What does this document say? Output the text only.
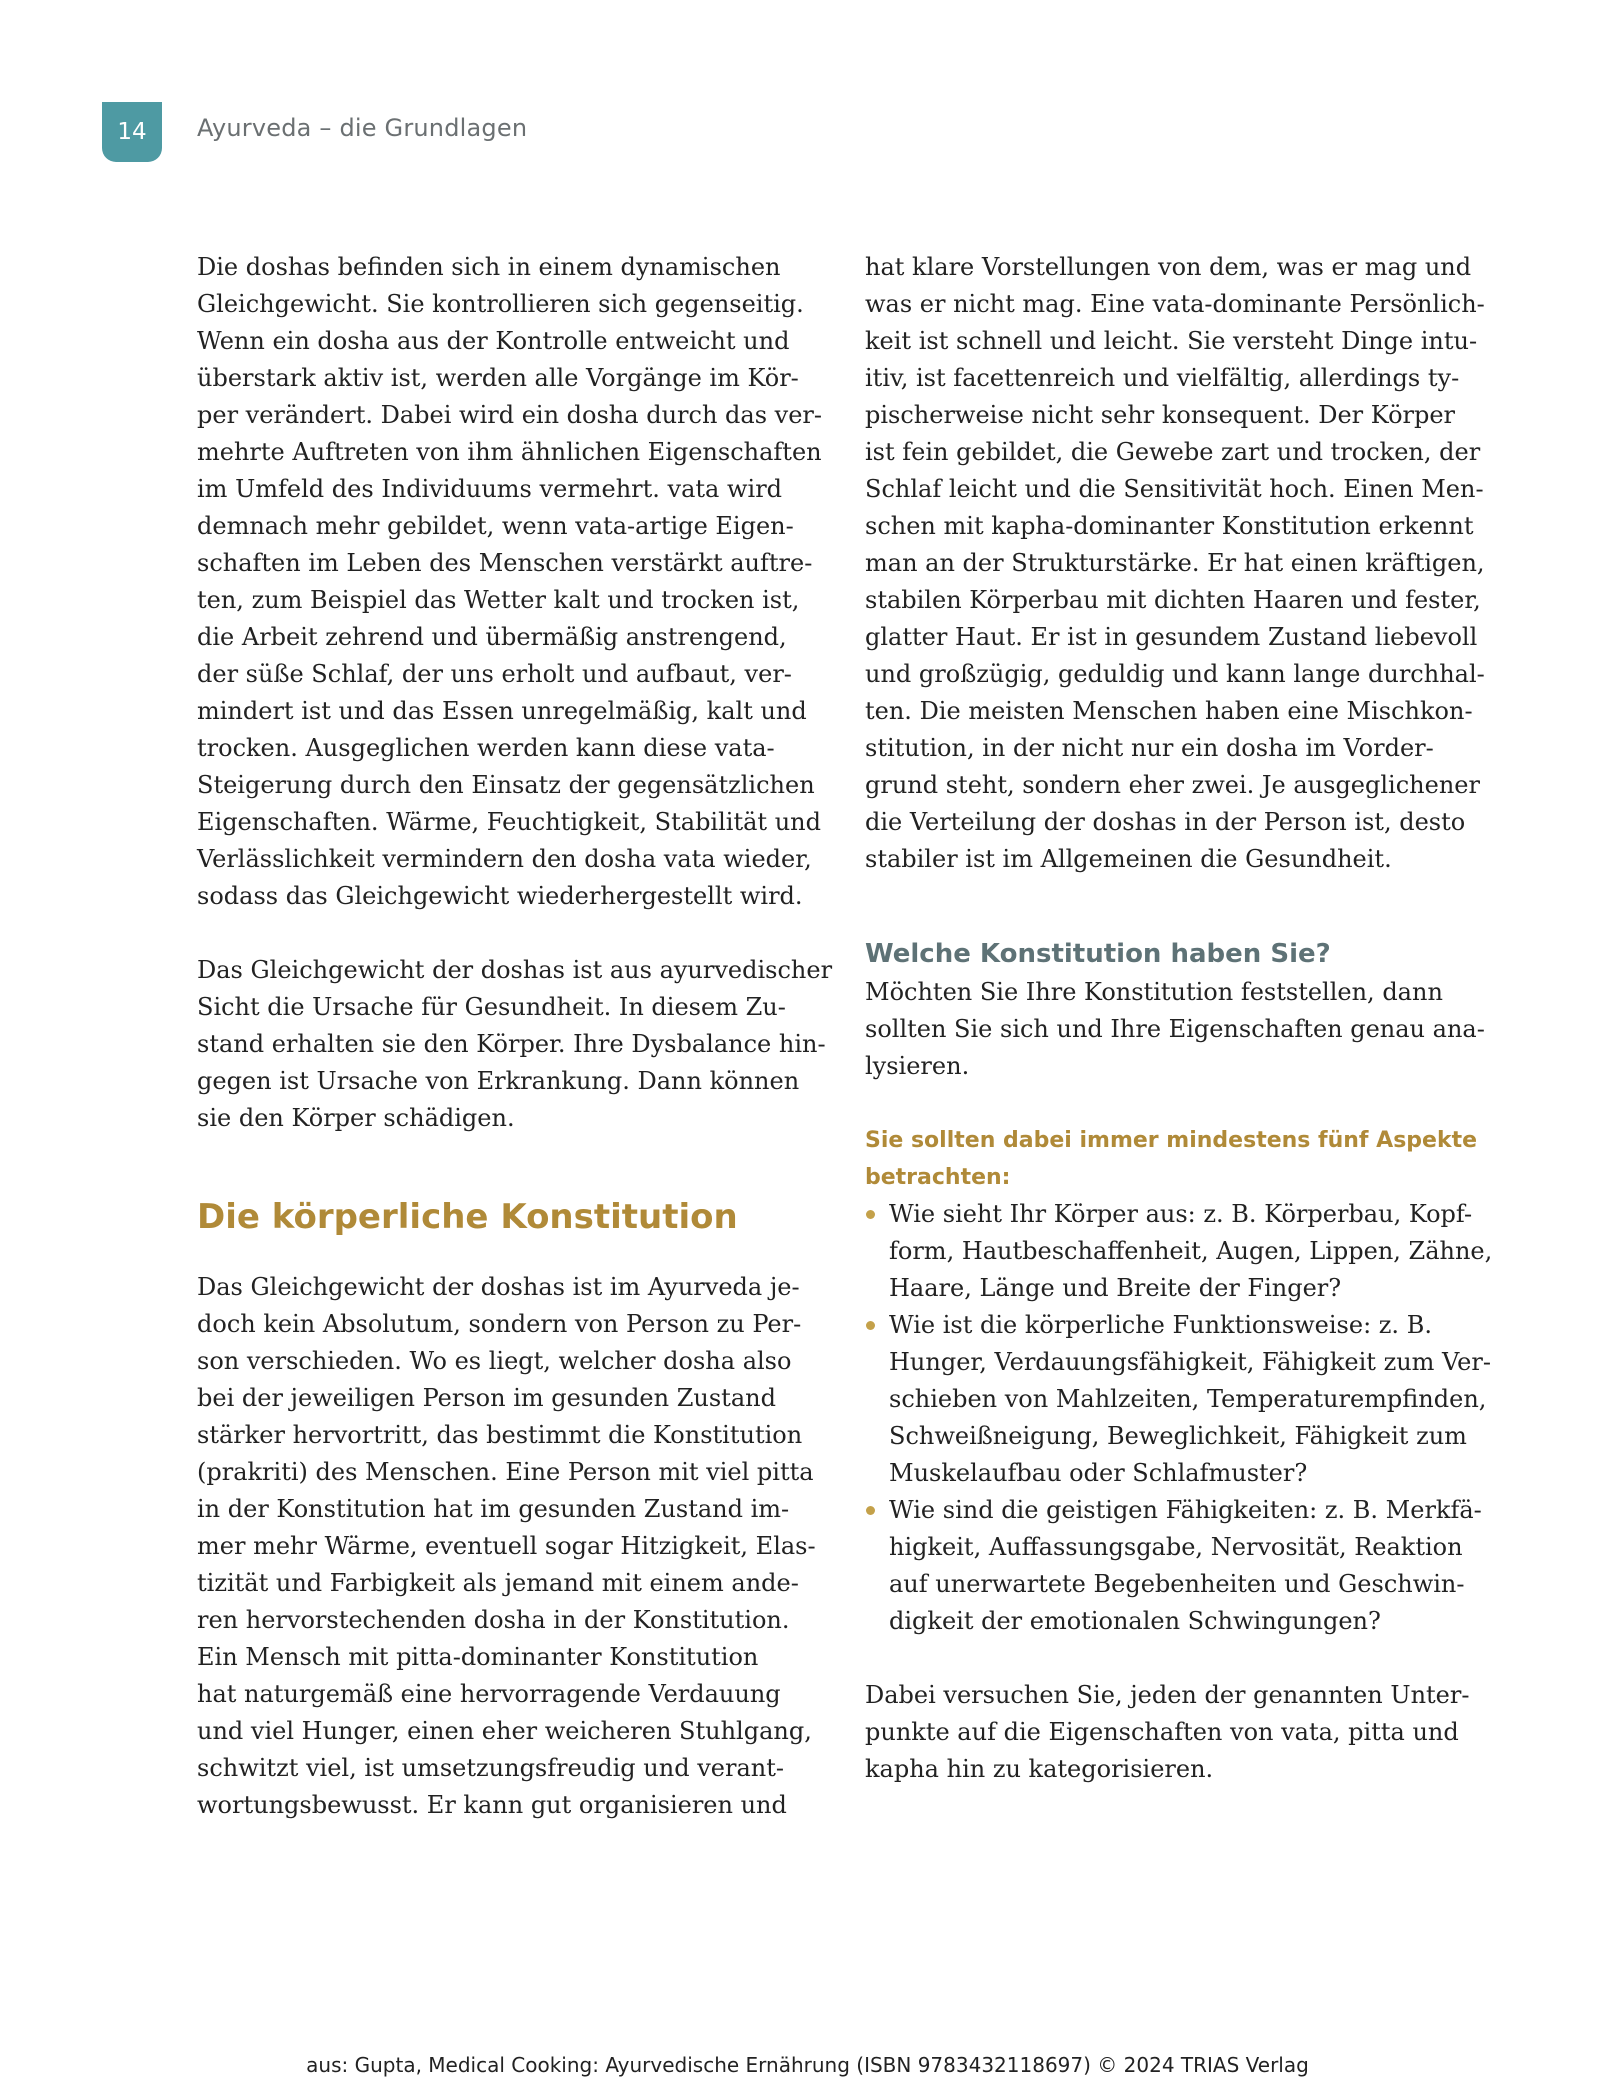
14 Ayurveda – die Grundlagen
Die doshas befinden sich in einem dynamischen
Gleichgewicht. Sie kontrollieren sich gegenseitig.
Wenn ein dosha aus der Kontrolle entweicht und
überstark aktiv ist, werden alle Vorgänge im Kör-
per verändert. Dabei wird ein dosha durch das ver-
mehrte Auftreten von ihm ähnlichen Eigenschaften
im Umfeld des Individuums vermehrt. vata wird
demnach mehr gebildet, wenn vata-artige Eigen-
schaften im Leben des Menschen verstärkt auftre-
ten, zum Beispiel das Wetter kalt und trocken ist,
die Arbeit zehrend und übermäßig anstrengend,
der süße Schlaf, der uns erholt und aufbaut, ver-
mindert ist und das Essen unregelmäßig, kalt und
trocken. Ausgeglichen werden kann diese vata-
Steigerung durch den Einsatz der gegensätzlichen
Eigenschaften. Wärme, Feuchtigkeit, Stabilität und
Verlässlichkeit vermindern den dosha vata wieder,
sodass das Gleichgewicht wiederhergestellt wird.
Das Gleichgewicht der doshas ist aus ayurvedischer
Sicht die Ursache für Gesundheit. In diesem Zu-
stand erhalten sie den Körper. Ihre Dysbalance hin-
gegen ist Ursache von Erkrankung. Dann können
sie den Körper schädigen.
Die körperliche Konstitution
Das Gleichgewicht der doshas ist im Ayurveda je-
doch kein Absolutum, sondern von Person zu Per-
son verschieden. Wo es liegt, welcher dosha also
bei der jeweiligen Person im gesunden Zustand
stärker hervortritt, das bestimmt die Konstitution
(prakriti) des Menschen. Eine Person mit viel pitta
in der Konstitution hat im gesunden Zustand im-
mer mehr Wärme, eventuell sogar Hitzigkeit, Elas-
tizität und Farbigkeit als jemand mit einem ande-
ren hervorstechenden dosha in der Konstitution.
Ein Mensch mit pitta-dominanter Konstitution
hat naturgemäß eine hervorragende Verdauung
und viel Hunger, einen eher weicheren Stuhlgang,
schwitzt viel, ist umsetzungsfreudig und verant-
wortungsbewusst. Er kann gut organisieren und
hat klare Vorstellungen von dem, was er mag und
was er nicht mag. Eine vata-dominante Persönlich-
keit ist schnell und leicht. Sie versteht Dinge intu-
itiv, ist facettenreich und vielfältig, allerdings ty-
pischerweise nicht sehr konsequent. Der Körper
ist fein gebildet, die Gewebe zart und trocken, der
Schlaf leicht und die Sensitivität hoch. Einen Men-
schen mit kapha-dominanter Konstitution erkennt
man an der Strukturstärke. Er hat einen kräftigen,
stabilen Körperbau mit dichten Haaren und fester,
glatter Haut. Er ist in gesundem Zustand liebevoll
und großzügig, geduldig und kann lange durchhal-
ten. Die meisten Menschen haben eine Mischkon-
stitution, in der nicht nur ein dosha im Vorder-
grund steht, sondern eher zwei. Je ausgeglichener
die Verteilung der doshas in der Person ist, desto
stabiler ist im Allgemeinen die Gesundheit.
Welche Konstitution haben Sie?
Möchten Sie Ihre Konstitution feststellen, dann
sollten Sie sich und Ihre Eigenschaften genau ana-
lysieren.
Sie sollten dabei immer mindestens fünf Aspekte
betrachten:
Wie sieht Ihr Körper aus: z. B. Körperbau, Kopf-
form, Hautbeschaffenheit, Augen, Lippen, Zähne,
Haare, Länge und Breite der Finger?
Wie ist die körperliche Funktionsweise: z. B.
Hunger, Verdauungsfähigkeit, Fähigkeit zum Ver-
schieben von Mahlzeiten, Temperaturempfinden,
Schweißneigung, Beweglichkeit, Fähigkeit zum
Muskelaufbau oder Schlafmuster?
Wie sind die geistigen Fähigkeiten: z. B. Merkfä-
higkeit, Auffassungsgabe, Nervosität, Reaktion
auf unerwartete Begebenheiten und Geschwin-
digkeit der emotionalen Schwingungen?
Dabei versuchen Sie, jeden der genannten Unter-
punkte auf die Eigenschaften von vata, pitta und
kapha hin zu kategorisieren.
aus: Gupta, Medical Cooking: Ayurvedische Ernährung (ISBN 9783432118697) © 2024 TRIAS Verlag
